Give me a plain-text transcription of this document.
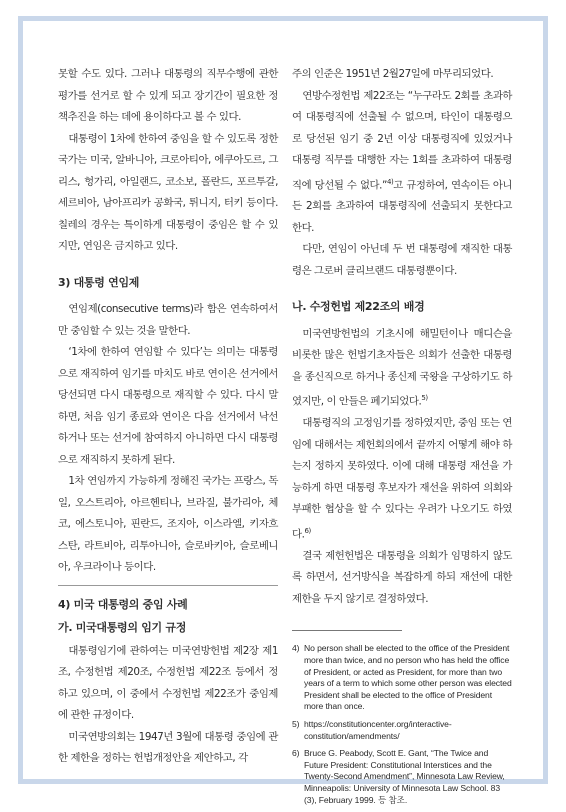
못할 수도 있다. 그러나 대통령의 직무수행에 관한 평가를 선거로 할 수 있게 되고 장기간이 필요한 정책추진을 하는 데에 용이하다고 볼 수 있다.

대통령이 1차에 한하여 중임을 할 수 있도록 정한 국가는 미국, 알바니아, 크로아티아, 에쿠아도르, 그리스, 헝가리, 아일랜드, 코소보, 폴란드, 포르투갈, 세르비아, 남아프리카 공화국, 튀니지, 터키 등이다. 칠레의 경우는 특이하게 대통령이 중임은 할 수 있지만, 연임은 금지하고 있다.

3) 대통령 연임제

연임제(consecutive terms)라 함은 연속하여서만 중임할 수 있는 것을 말한다.

‘1차에 한하여 연임할 수 있다’는 의미는 대통령으로 재직하여 임기를 마치도 바로 연이은 선거에서 당선되면 다시 대통령으로 재직할 수 있다. 다시 말하면, 처음 임기 종료와 연이은 다음 선거에서 낙선하거나 또는 선거에 참여하지 아니하면 다시 대통령으로 재직하지 못하게 된다.

1차 연임까지 가능하게 정해진 국가는 프랑스, 독일, 오스트리아, 아르헨티나, 브라질, 불가리아, 체코, 에스토니아, 핀란드, 조지아, 이스라엘, 키자흐스탄, 라트비아, 리투아니아, 슬로바키아, 슬로베니아, 우크라이나 등이다.

4) 미국 대통령의 중임 사례
가. 미국대통령의 임기 규정

대통령임기에 관하여는 미국연방헌법 제2장 제1조, 수정헌법 제20조, 수정헌법 제22조 등에서 정하고 있으며, 이 중에서 수정헌법 제22조가 중임제에 관한 규정이다.

미국연방의회는 1947년 3월에 대통령 중임에 관한 제한을 정하는 헌법개정안을 제안하고, 각

주의 인준은 1951년 2월27일에 마무리되었다.

연방수정헌법 제22조는 “누구라도 2회를 초과하여 대통령직에 선출될 수 없으며, 타인이 대통령으로 당선된 임기 중 2년 이상 대통령직에 있었거나 대통령 직무를 대행한 자는 1회를 초과하여 대통령직에 당선될 수 없다.”$^{4)}$고 규정하여, 연속이든 아니든 2회를 초과하여 대통령직에 선출되지 못한다고 한다.

다만, 연임이 아닌데 두 번 대통령에 재직한 대통령은 그로버 클리브랜드 대통령뿐이다.

나. 수정헌법 제22조의 배경

미국연방헌법의 기초시에 해밀턴이나 매디슨을 비롯한 많은 헌법기초자들은 의회가 선출한 대통령을 종신직으로 하거나 종신제 국왕을 구상하기도 하였지만, 이 안들은 폐기되었다.$^{5)}$

대통령직의 고정임기를 정하였지만, 중임 또는 연임에 대해서는 제헌회의에서 끝까지 어떻게 해야 하는지 정하지 못하였다. 이에 대해 대통령 재선을 가능하게 하면 대통령 후보자가 재선을 위하여 의회와 부패한 협상을 할 수 있다는 우려가 나오기도 하였다.$^{6)}$

결국 제헌헌법은 대통령을 의회가 임명하지 않도록 하면서, 선거방식을 복잡하게 하되 재선에 대한 제한을 두지 않기로 결정하였다.

4) No person shall be elected to the office of the President more than twice, and no person who has held the office of President, or acted as President, for more than two years of a term to which some other person was elected President shall be elected to the office of President more than once.

5) https://constitutioncenter.org/interactive-constitution/amendments/

6) Bruce G. Peabody, Scott E. Gant, “The Twice and Future President: Constitutional Interstices and the Twenty-Second Amendment”, Minnesota Law Review, Minneapolis: University of Minnesota Law School. 83 (3), February 1999. 등 참조.
